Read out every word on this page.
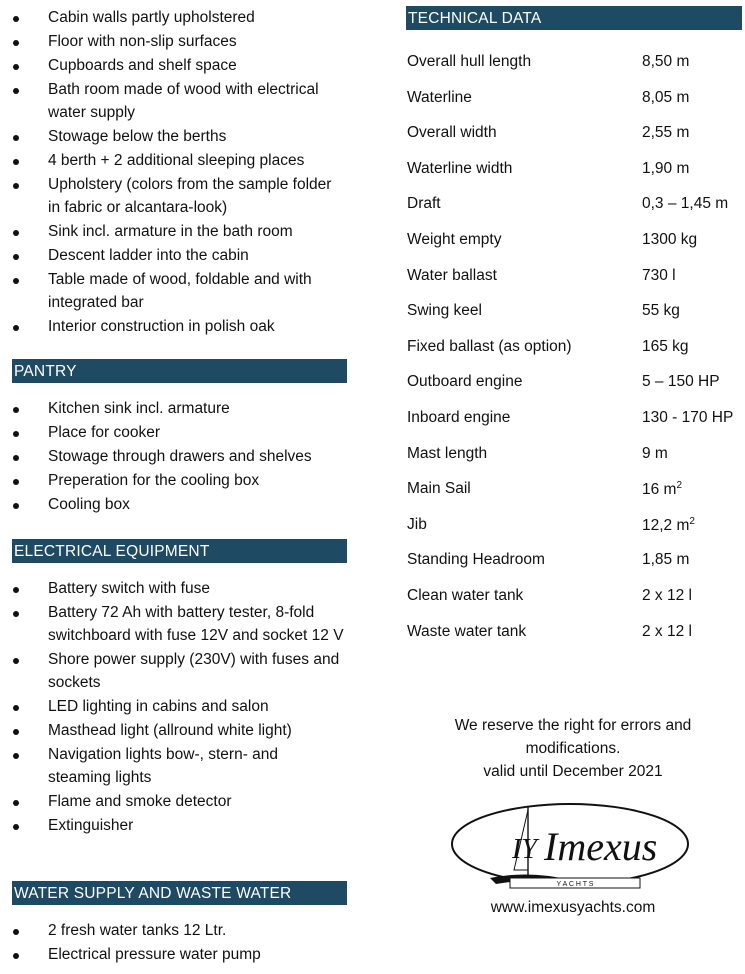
Cabin walls partly upholstered
Floor with non-slip surfaces
Cupboards and shelf space
Bath room made of wood with electrical water supply
Stowage below the berths
4 berth + 2 additional sleeping places
Upholstery (colors from the sample folder in fabric or alcantara-look)
Sink incl. armature in the bath room
Descent ladder into the cabin
Table made of wood, foldable and with integrated bar
Interior construction in polish oak
PANTRY
Kitchen sink incl. armature
Place for cooker
Stowage through drawers and shelves
Preperation for the cooling box
Cooling box
ELECTRICAL EQUIPMENT
Battery switch with fuse
Battery 72 Ah with battery tester, 8-fold switchboard with fuse 12V and socket 12 V
Shore power supply (230V) with fuses and sockets
LED lighting in cabins and salon
Masthead light (allround white light)
Navigation lights bow-, stern- and steaming lights
Flame and smoke detector
Extinguisher
WATER SUPPLY AND WASTE WATER
2 fresh water tanks 12 Ltr.
Electrical pressure water pump
TECHNICAL DATA
Overall hull length	8,50 m
Waterline	8,05 m
Overall width	2,55 m
Waterline width	1,90 m
Draft	0,3 – 1,45 m
Weight empty	1300 kg
Water ballast	730 l
Swing keel	55 kg
Fixed ballast (as option)	165 kg
Outboard engine	5 – 150 HP
Inboard engine	130 - 170 HP
Mast length	9 m
Main Sail	16 $m^2$
Jib	12,2 $m^2$
Standing Headroom	1,85 m
Clean water tank	2 x 12 l
Waste water tank	2 x 12 l
We reserve the right for errors and
modifications.
valid until December 2021
IY Imexus
Y A C H T S
www.imexusyachts.com
